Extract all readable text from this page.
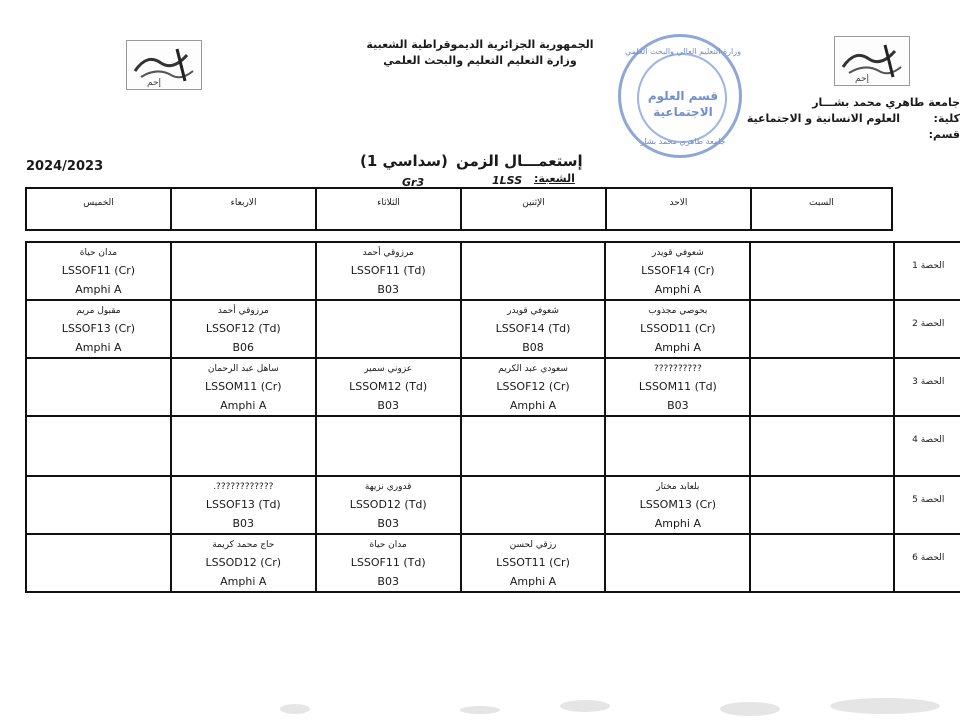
إحم	إحم
الجمهورية الجزائرية الديموقراطية الشعبية
وزارة التعليم التعليم والبحث العلمي
وزارة التعليم العالي والبحث العلمي
قسم العلوم
الاجتماعية
جامعة طاهري محمد بشار
جامعة طاهري محمد بشـــار
كلية:
العلوم الانسانية و الاجتماعية
قسم:
2024/2023	إستعمـــال الزمن
(سداسي 1)
الشعبة:
1LSS
Gr3
الخميس	الاربعاء	الثلاثاء	الإثنين	الاحد	السبت
مدان حياة
LSSOF11 (Cr)
Amphi A		مرزوقي أحمد
LSSOF11 (Td)
B03		شعوفي قويدر
LSSOF14 (Cr)
Amphi A		الحصة 1

مقبول مريم
LSSOF13 (Cr)
Amphi A	مرزوقي أحمد
LSSOF12 (Td)
B06		شعوفي قويدر
LSSOF14 (Td)
B08	بحوصي مجذوب
LSSOD11 (Cr)
Amphi A		الحصة 2

	ساهل عبد الرحمان
LSSOM11 (Cr)
Amphi A	عزوني سمير
LSSOM12 (Td)
B03	سعودي عبد الكريم
LSSOF12 (Cr)
Amphi A	??????????
LSSOM11 (Td)
B03		الحصة 3

						الحصة 4

	????????????.
LSSOF13 (Td)
B03	قدوري نزيهة
LSSOD12 (Td)
B03		بلعابد مختار
LSSOM13 (Cr)
Amphi A		الحصة 5

	حاج محمد كريمة
LSSOD12 (Cr)
Amphi A	مدان حياة
LSSOF11 (Td)
B03	رزقي لحسن
LSSOT11 (Cr)
Amphi A			الحصة 6
